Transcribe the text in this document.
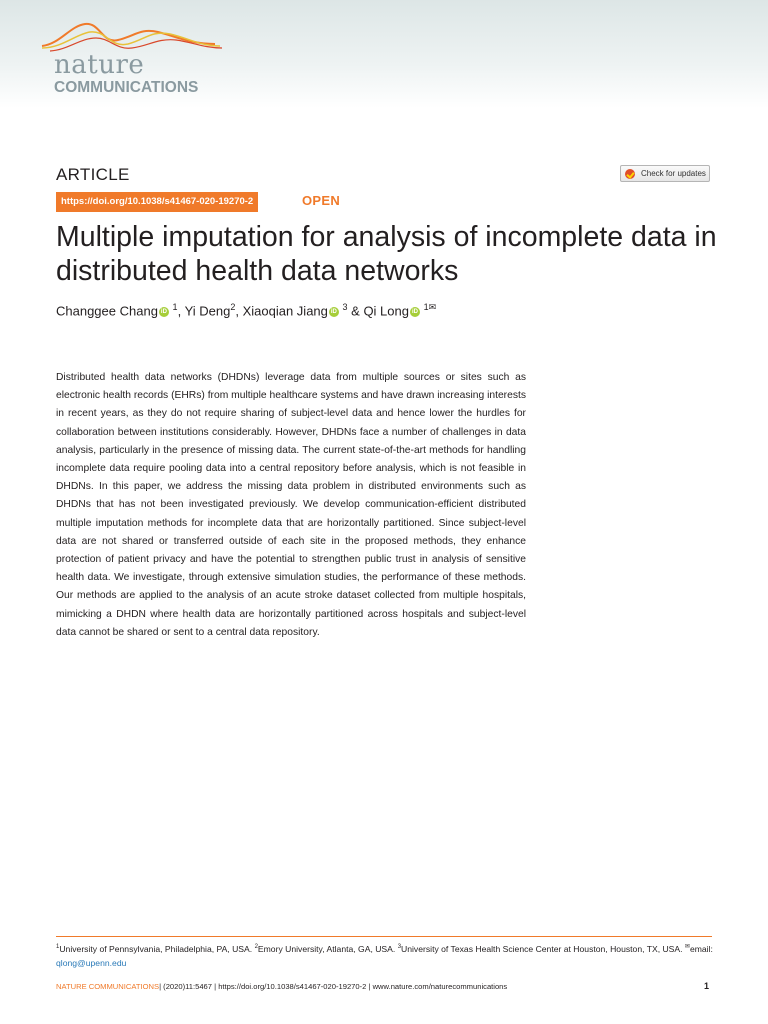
nature
COMMUNICATIONS
ARTICLE	Check for updates
https://doi.org/10.1038/s41467-020-19270-2	OPEN
Multiple imputation for analysis of incomplete data in distributed health data networks
Changgee Chang iD $^1$, Yi Deng$^2$, Xiaoqian Jiang iD $^3$ & Qi Long iD $^{1✉}$

Distributed health data networks (DHDNs) leverage data from multiple sources or sites such as electronic health records (EHRs) from multiple healthcare systems and have drawn increasing interests in recent years, as they do not require sharing of subject-level data and hence lower the hurdles for collaboration between institutions considerably. However, DHDNs face a number of challenges in data analysis, particularly in the presence of missing data. The current state-of-the-art methods for handling incomplete data require pooling data into a central repository before analysis, which is not feasible in DHDNs. In this paper, we address the missing data problem in distributed environments such as DHDNs that has not been investigated previously. We develop communication-efficient distributed multiple imputation methods for incomplete data that are horizontally partitioned. Since subject-level data are not shared or transferred outside of each site in the proposed methods, they enhance protection of patient privacy and have the potential to strengthen public trust in analysis of sensitive health data. We investigate, through extensive simulation studies, the performance of these methods. Our methods are applied to the analysis of an acute stroke dataset collected from multiple hospitals, mimicking a DHDN where health data are horizontally partitioned across hospitals and subject-level data cannot be shared or sent to a central data repository.

$^1$University of Pennsylvania, Philadelphia, PA, USA. $^2$Emory University, Atlanta, GA, USA. $^3$University of Texas Health Science Center at Houston, Houston, TX, USA. ✉email: qlong@upenn.edu
NATURE COMMUNICATIONS| (2020)11:5467 | https://doi.org/10.1038/s41467-020-19270-2 | www.nature.com/naturecommunications	1
